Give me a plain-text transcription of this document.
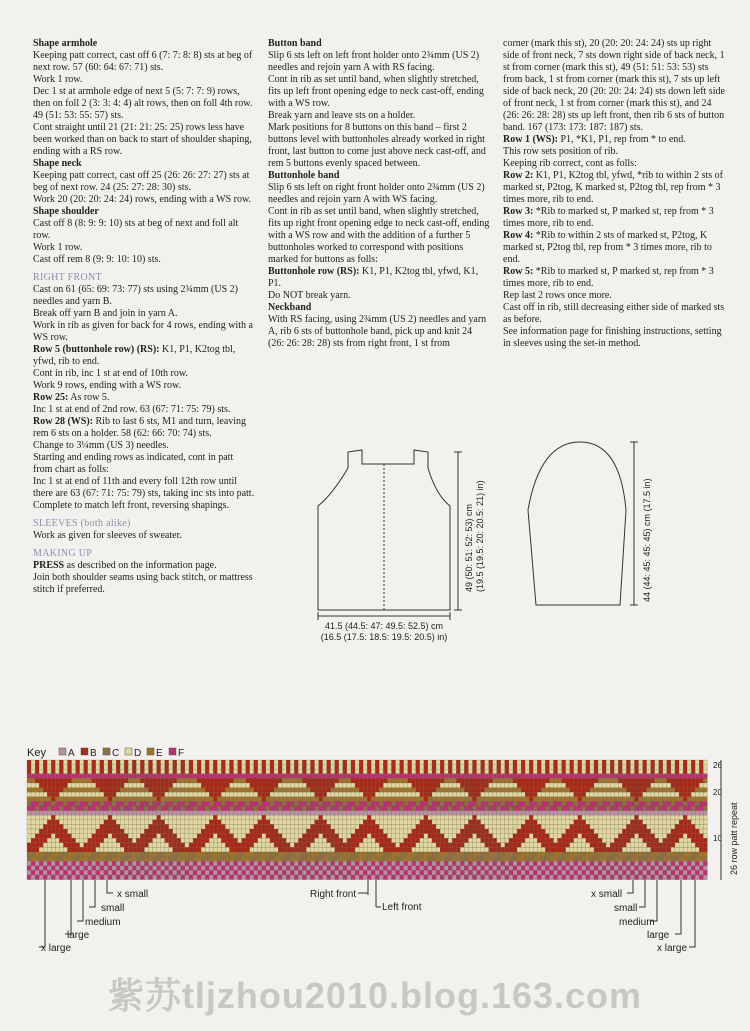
Shape armhole

Keeping patt correct, cast off 6 (7: 7: 8: 8) sts at beg of next row. 57 (60: 64: 67: 71) sts.

Work 1 row.

Dec 1 st at armhole edge of next 5 (5: 7: 7: 9) rows, then on foll 2 (3: 3: 4: 4) alt rows, then on foll 4th row. 49 (51: 53: 55: 57) sts.

Cont straight until 21 (21: 21: 25: 25) rows less have been worked than on back to start of shoulder shaping, ending with a RS row.

Shape neck

Keeping patt correct, cast off 25 (26: 26: 27: 27) sts at beg of next row. 24 (25: 27: 28: 30) sts.

Work 20 (20: 20: 24: 24) rows, ending with a WS row.

Shape shoulder

Cast off 8 (8: 9: 9: 10) sts at beg of next and foll alt row.

Work 1 row.

Cast off rem 8 (9: 9: 10: 10) sts.

RIGHT FRONT

Cast on 61 (65: 69: 73: 77) sts using 2¾mm (US 2) needles and yarn B.

Break off yarn B and join in yarn A.

Work in rib as given for back for 4 rows, ending with a WS row.

Row 5 (buttonhole row) (RS): K1, P1, K2tog tbl, yfwd, rib to end.

Cont in rib, inc 1 st at end of 10th row.

Work 9 rows, ending with a WS row.

Row 25: As row 5.

Inc 1 st at end of 2nd row. 63 (67: 71: 75: 79) sts.

Row 28 (WS): Rib to last 6 sts, M1 and turn, leaving rem 6 sts on a holder. 58 (62: 66: 70: 74) sts.

Change to 3¼mm (US 3) needles.

Starting and ending rows as indicated, cont in patt from chart as folls:

Inc 1 st at end of 11th and every foll 12th row until there are 63 (67: 71: 75: 79) sts, taking inc sts into patt.

Complete to match left front, reversing shapings.

SLEEVES (both alike)

Work as given for sleeves of sweater.

MAKING UP

PRESS as described on the information page.

Join both shoulder seams using back stitch, or mattress stitch if preferred.

Button band

Slip 6 sts left on left front holder onto 2¾mm (US 2) needles and rejoin yarn A with RS facing.

Cont in rib as set until band, when slightly stretched, fits up left front opening edge to neck cast-off, ending with a WS row.

Break yarn and leave sts on a holder.

Mark positions for 8 buttons on this band – first 2 buttons level with buttonholes already worked in right front, last button to come just above neck cast-off, and rem 5 buttons evenly spaced between.

Buttonhole band

Slip 6 sts left on right front holder onto 2¾mm (US 2) needles and rejoin yarn A with WS facing.

Cont in rib as set until band, when slightly stretched, fits up right front opening edge to neck cast-off, ending with a WS row and with the addition of a further 5 buttonholes worked to correspond with positions marked for buttons as folls:

Buttonhole row (RS): K1, P1, K2tog tbl, yfwd, K1, P1.

Do NOT break yarn.

Neckband

With RS facing, using 2¾mm (US 2) needles and yarn A, rib 6 sts of buttonhole band, pick up and knit 24 (26: 26: 28: 28) sts from right front, 1 st from

corner (mark this st), 20 (20: 20: 24: 24) sts up right side of front neck, 7 sts down right side of back neck, 1 st from corner (mark this st), 49 (51: 51: 53: 53) sts from back, 1 st from corner (mark this st), 7 sts up left side of back neck, 20 (20: 20: 24: 24) sts down left side of front neck, 1 st from corner (mark this st), and 24 (26: 26: 28: 28) sts up left front, then rib 6 sts of button band. 167 (173: 173: 187: 187) sts.

Row 1 (WS): P1, *K1, P1, rep from * to end.

This row sets position of rib.

Keeping rib correct, cont as folls:

Row 2: K1, P1, K2tog tbl, yfwd, *rib to within 2 sts of marked st, P2tog, K marked st, P2tog tbl, rep from * 3 times more, rib to end.

Row 3: *Rib to marked st, P marked st, rep from * 3 times more, rib to end.

Row 4: *Rib to within 2 sts of marked st, P2tog, K marked st, P2tog tbl, rep from * 3 times more, rib to end.

Row 5: *Rib to marked st, P marked st, rep from * 3 times more, rib to end.

Rep last 2 rows once more.

Cast off in rib, still decreasing either side of marked sts as before.

See information page for finishing instructions, setting in sleeves using the set-in method.

49 (50: 51: 52: 53) cm (19.5 (19.5: 20: 20.5: 21) in)
41.5 (44.5: 47: 49.5: 52.5) cm
(16.5 (17.5: 18.5: 19.5: 20.5) in)
44 (44: 45: 45: 45) cm (17.5 in)
Key A B C D E F
26
20
10 26 row patt repeat
Right front
Left front
x small
small
medium
large
x large
x small
small
medium
large
x large
紫苏tljzhou2010.blog.163.com
